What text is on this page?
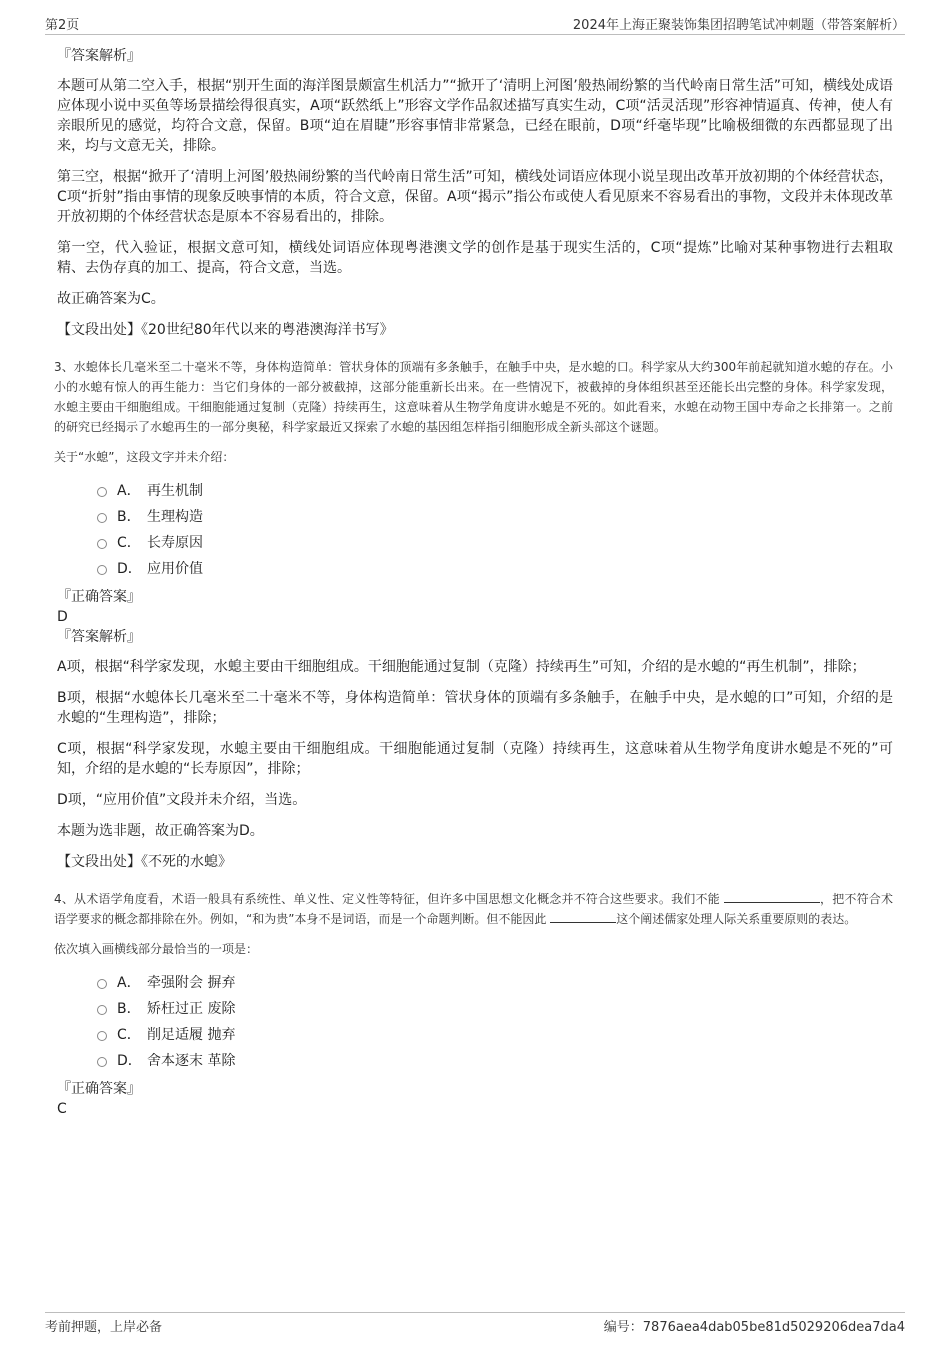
第2页	2024年上海正聚装饰集团招聘笔试冲刺题（带答案解析）
『答案解析』

本题可从第二空入手，根据“别开生面的海洋图景颇富生机活力”“掀开了‘清明上河图’般热闹纷繁的当代岭南日常生活”可知，横线处成语应体现小说中买鱼等场景描绘得很真实，A项“跃然纸上”形容文学作品叙述描写真实生动，C项“活灵活现”形容神情逼真、传神，使人有亲眼所见的感觉，均符合文意，保留。B项“迫在眉睫”形容事情非常紧急，已经在眼前，D项“纤毫毕现”比喻极细微的东西都显现了出来，均与文意无关，排除。

第三空，根据“掀开了‘清明上河图’般热闹纷繁的当代岭南日常生活”可知，横线处词语应体现小说呈现出改革开放初期的个体经营状态，C项“折射”指由事情的现象反映事情的本质，符合文意，保留。A项“揭示”指公布或使人看见原来不容易看出的事物，文段并未体现改革开放初期的个体经营状态是原本不容易看出的，排除。

第一空，代入验证，根据文意可知，横线处词语应体现粤港澳文学的创作是基于现实生活的，C项“提炼”比喻对某种事物进行去粗取精、去伪存真的加工、提高，符合文意，当选。

故正确答案为C。

【文段出处】《20世纪80年代以来的粤港澳海洋书写》

3、水螅体长几毫米至二十毫米不等，身体构造简单：管状身体的顶端有多条触手，在触手中央，是水螅的口。科学家从大约300年前起就知道水螅的存在。小小的水螅有惊人的再生能力：当它们身体的一部分被截掉，这部分能重新长出来。在一些情况下，被截掉的身体组织甚至还能长出完整的身体。科学家发现，水螅主要由干细胞组成。干细胞能通过复制（克隆）持续再生，这意味着从生物学角度讲水螅是不死的。如此看来，水螅在动物王国中寿命之长排第一。之前的研究已经揭示了水螅再生的一部分奥秘，科学家最近又探索了水螅的基因组怎样指引细胞形成全新头部这个谜题。

关于“水螅”，这段文字并未介绍：

A． 再生机制
B． 生理构造
C． 长寿原因
D． 应用价值

『正确答案』

D

『答案解析』

A项，根据“科学家发现，水螅主要由干细胞组成。干细胞能通过复制（克隆）持续再生”可知，介绍的是水螅的“再生机制”，排除；

B项，根据“水螅体长几毫米至二十毫米不等，身体构造简单：管状身体的顶端有多条触手，在触手中央，是水螅的口”可知，介绍的是水螅的“生理构造”，排除；

C项，根据“科学家发现，水螅主要由干细胞组成。干细胞能通过复制（克隆）持续再生，这意味着从生物学角度讲水螅是不死的”可知，介绍的是水螅的“长寿原因”，排除；

D项，“应用价值”文段并未介绍，当选。

本题为选非题，故正确答案为D。

【文段出处】《不死的水螅》

4、从术语学角度看，术语一般具有系统性、单义性、定义性等特征，但许多中国思想文化概念并不符合这些要求。我们不能	，把不符合术语学要求的概念都排除在外。例如，“和为贵”本身不是词语，而是一个命题判断。但不能因此	这个阐述儒家处理人际关系重要原则的表达。

依次填入画横线部分最恰当的一项是：

A． 牵强附会 摒弃
B． 矫枉过正 废除
C． 削足适履 抛弃
D． 舍本逐末 革除

『正确答案』

C

考前押题，上岸必备	编号：7876aea4dab05be81d5029206dea7da4
